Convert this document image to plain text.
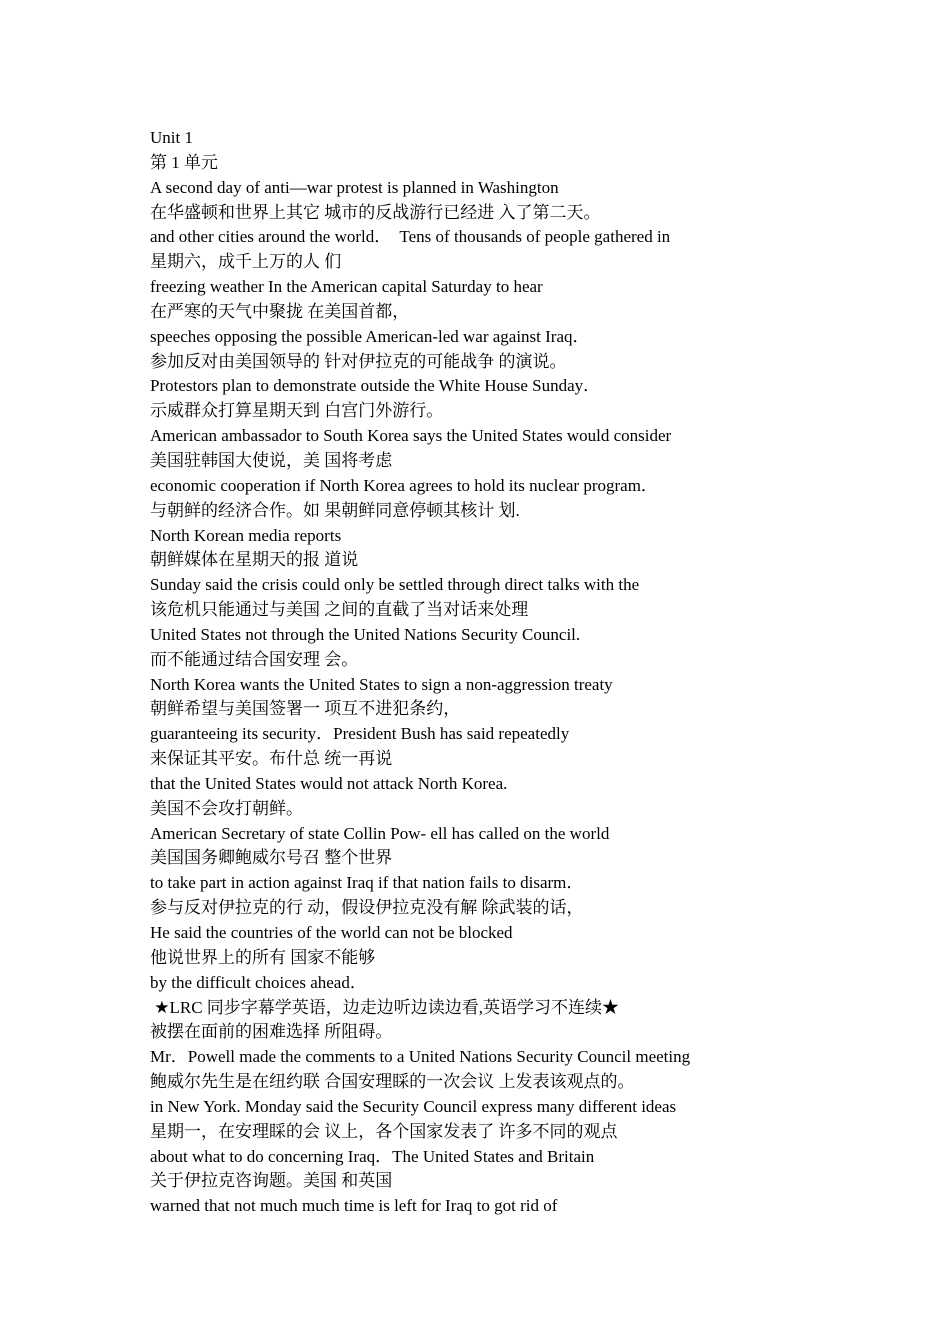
Unit 1
第 1 单元
A second day of anti—war protest is planned in Washington
在华盛顿和世界上其它 城市的反战游行已经进 入了第二天。
and other cities around the world．  Tens of thousands of people gathered in
星期六，成千上万的人 们
freezing weather In the American capital Saturday to hear
在严寒的天气中聚拢 在美国首都，
speeches opposing the possible American-led war against Iraq．
参加反对由美国领导的 针对伊拉克的可能战争 的演说。
Protestors plan to demonstrate outside the White House Sunday．
示威群众打算星期天到 白宫门外游行。
American ambassador to South Korea says the United States would consider
美国驻韩国大使说，美 国将考虑
economic cooperation if North Korea agrees to hold its nuclear program．
与朝鲜的经济合作。如 果朝鲜同意停顿其核计 划.
North Korean media reports
朝鲜媒体在星期天的报 道说
Sunday said the crisis could only be settled through direct talks with the
该危机只能通过与美国 之间的直截了当对话来处理
United States not through the United Nations Security Council.
而不能通过结合国安理 会。
North Korea wants the United States to sign a non-aggression treaty
朝鲜希望与美国签署一 项互不进犯条约，
guaranteeing its security．President Bush has said repeatedly
来保证其平安。布什总 统一再说
that the United States would not attack North Korea.
美国不会攻打朝鲜。
American Secretary of state Collin Pow- ell has called on the world
美国国务卿鲍威尔号召 整个世界
to take part in action against Iraq if that nation fails to disarm．
参与反对伊拉克的行 动，假设伊拉克没有解 除武装的话，
He said the countries of the world can not be blocked
他说世界上的所有 国家不能够
by the difficult choices ahead．
★LRC 同步字幕学英语，边走边听边读边看,英语学习不连续★
被摆在面前的困难选择 所阻碍。
Mr．Powell made the comments to a United Nations Security Council meeting
鲍威尔先生是在纽约联 合国安理睬的一次会议 上发表该观点的。
in New York. Monday said the Security Council express many different ideas
星期一，在安理睬的会 议上，各个国家发表了 许多不同的观点
about what to do concerning Iraq．The United States and Britain
关于伊拉克咨询题。美国 和英国
warned that not much much time is left for Iraq to got rid of
